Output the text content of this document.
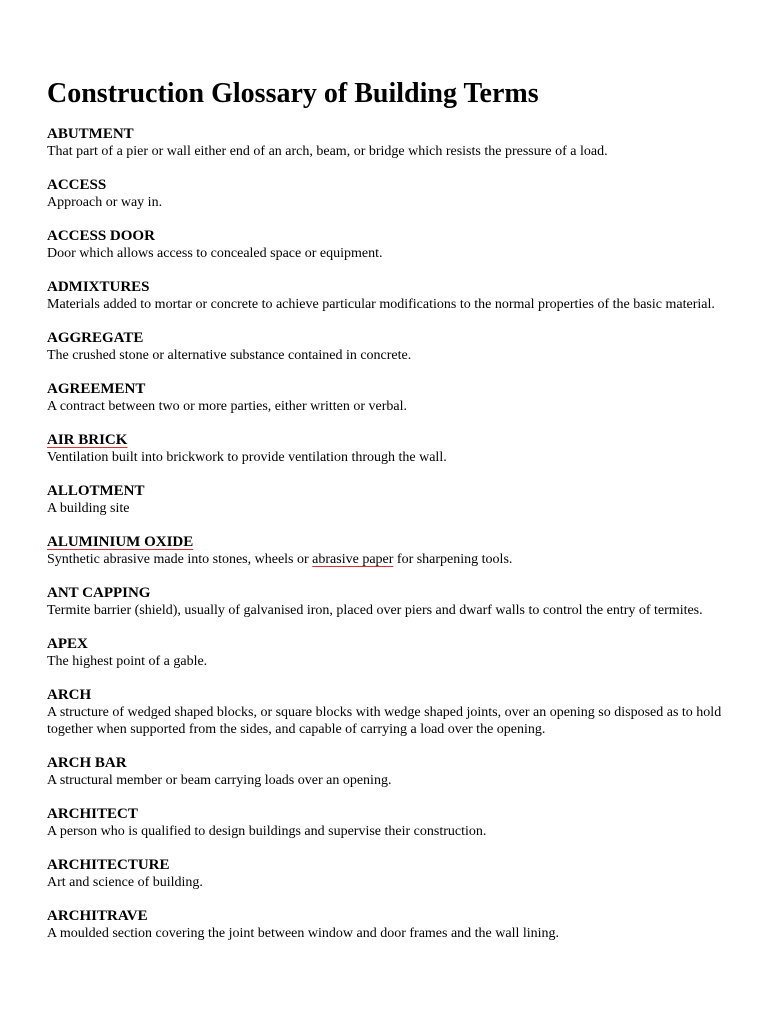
Construction Glossary of Building Terms

ABUTMENT

That part of a pier or wall either end of an arch, beam, or bridge which resists the pressure of a load.

ACCESS

Approach or way in.

ACCESS DOOR

Door which allows access to concealed space or equipment.

ADMIXTURES

Materials added to mortar or concrete to achieve particular modifications to the normal properties of the basic material.

AGGREGATE

The crushed stone or alternative substance contained in concrete.

AGREEMENT

A contract between two or more parties, either written or verbal.

AIR BRICK

Ventilation built into brickwork to provide ventilation through the wall.

ALLOTMENT

A building site

ALUMINIUM OXIDE

Synthetic abrasive made into stones, wheels or abrasive paper for sharpening tools.

ANT CAPPING

Termite barrier (shield), usually of galvanised iron, placed over piers and dwarf walls to control the entry of termites.

APEX

The highest point of a gable.

ARCH

A structure of wedged shaped blocks, or square blocks with wedge shaped joints, over an opening so disposed as to hold together when supported from the sides, and capable of carrying a load over the opening.

ARCH BAR

A structural member or beam carrying loads over an opening.

ARCHITECT

A person who is qualified to design buildings and supervise their construction.

ARCHITECTURE

Art and science of building.

ARCHITRAVE

A moulded section covering the joint between window and door frames and the wall lining.
